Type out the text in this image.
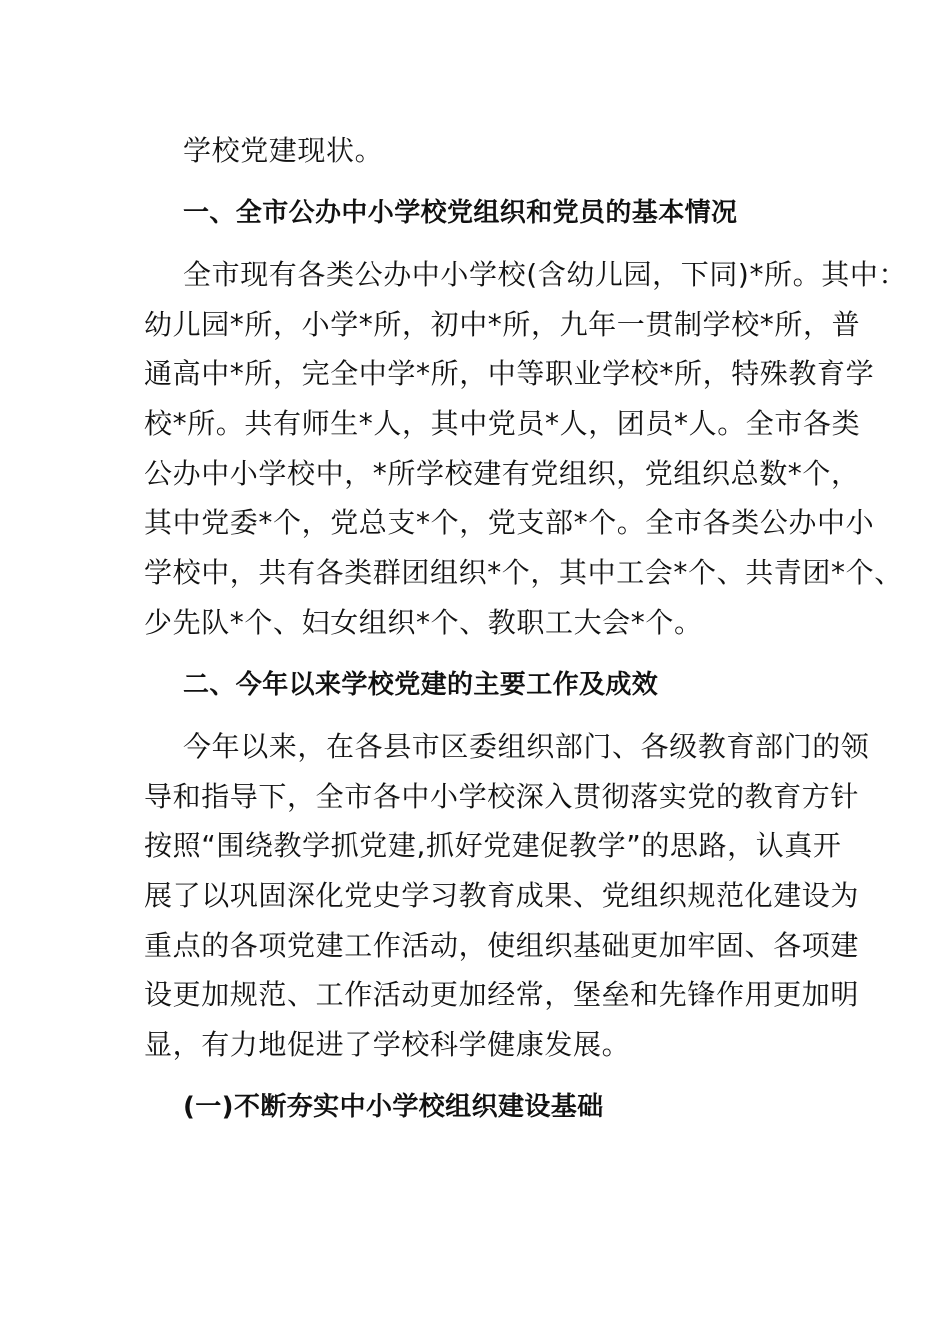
学校党建现状。
一、全市公办中小学校党组织和党员的基本情况
全市现有各类公办中小学校(含幼儿园，下同)*所。其中：
幼儿园*所，小学*所，初中*所，九年一贯制学校*所，普
通高中*所，完全中学*所，中等职业学校*所，特殊教育学
校*所。共有师生*人，其中党员*人，团员*人。全市各类
公办中小学校中，*所学校建有党组织，党组织总数*个，
其中党委*个，党总支*个，党支部*个。全市各类公办中小
学校中，共有各类群团组织*个，其中工会*个、共青团*个、
少先队*个、妇女组织*个、教职工大会*个。
二、今年以来学校党建的主要工作及成效
今年以来，在各县市区委组织部门、各级教育部门的领
导和指导下，全市各中小学校深入贯彻落实党的教育方针
按照“围绕教学抓党建,抓好党建促教学”的思路，认真开
展了以巩固深化党史学习教育成果、党组织规范化建设为
重点的各项党建工作活动，使组织基础更加牢固、各项建
设更加规范、工作活动更加经常，堡垒和先锋作用更加明
显，有力地促进了学校科学健康发展。
(一)不断夯实中小学校组织建设基础
